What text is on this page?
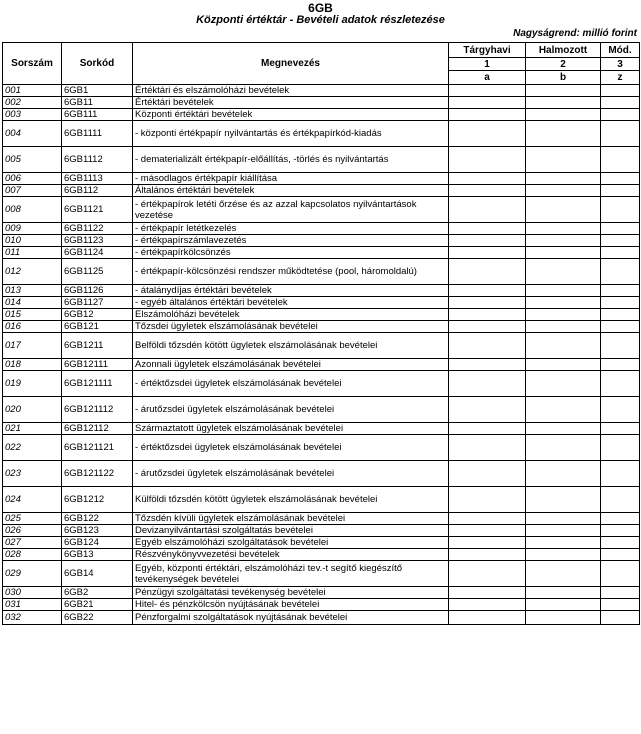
6GB
Központi értéktár - Bevételi adatok részletezése
Nagyságrend: millió forint
Sorszám	Sorkód	Megnevezés	Tárgyhavi	Halmozott	Mód.
			1	2	3
			a	b	z
001	6GB1	Értéktári és elszámolóházi bevételek			
002	6GB11	Értéktári bevételek			
003	6GB111	Központi értéktári bevételek			
004	6GB1111	- központi értékpapír nyilvántartás és értékpapírkód-kiadás			
005	6GB1112	- dematerializált értékpapír-előállítás, -törlés és nyilvántartás			
006	6GB1113	- másodlagos értékpapír kiállítása			
007	6GB112	Általános értéktári bevételek			
008	6GB1121	- értékpapírok letéti őrzése és az azzal kapcsolatos nyilvántartások vezetése			
009	6GB1122	- értékpapír letétkezelés			
010	6GB1123	- értékpapírszámlavezetés			
011	6GB1124	- értékpapírkölcsönzés			
012	6GB1125	- értékpapír-kölcsönzési rendszer működtetése (pool, háromoldalú)			
013	6GB1126	- átalánydíjas értéktári bevételek			
014	6GB1127	- egyéb általános értéktári bevételek			
015	6GB12	Elszámolóházi bevételek			
016	6GB121	Tőzsdei ügyletek elszámolásának bevételei			
017	6GB1211	Belföldi tőzsdén kötött ügyletek elszámolásának bevételei			
018	6GB12111	Azonnali ügyletek elszámolásának bevételei			
019	6GB121111	- értéktőzsdei ügyletek elszámolásának bevételei			
020	6GB121112	- árutőzsdei ügyletek elszámolásának bevételei			
021	6GB12112	Származtatott ügyletek elszámolásának bevételei			
022	6GB121121	- értéktőzsdei ügyletek elszámolásának bevételei			
023	6GB121122	- árutőzsdei ügyletek elszámolásának bevételei			
024	6GB1212	Külföldi tőzsdén kötött ügyletek elszámolásának bevételei			
025	6GB122	Tőzsdén kívüli ügyletek elszámolásának bevételei			
026	6GB123	Devizanyilvántartási szolgáltatás bevételei			
027	6GB124	Egyéb elszámolóházi szolgáltatások bevételei			
028	6GB13	Részvénykönyvvezetési bevételek			
029	6GB14	Egyéb, központi értéktári, elszámolóházi tev.-t segítő kiegészítő tevékenységek bevételei			
030	6GB2	Pénzügyi szolgáltatási tevékenység bevételei			
031	6GB21	Hitel- és pénzkölcsön nyújtásának bevételei			
032	6GB22	Pénzforgalmi szolgáltatások nyújtásának bevételei			
